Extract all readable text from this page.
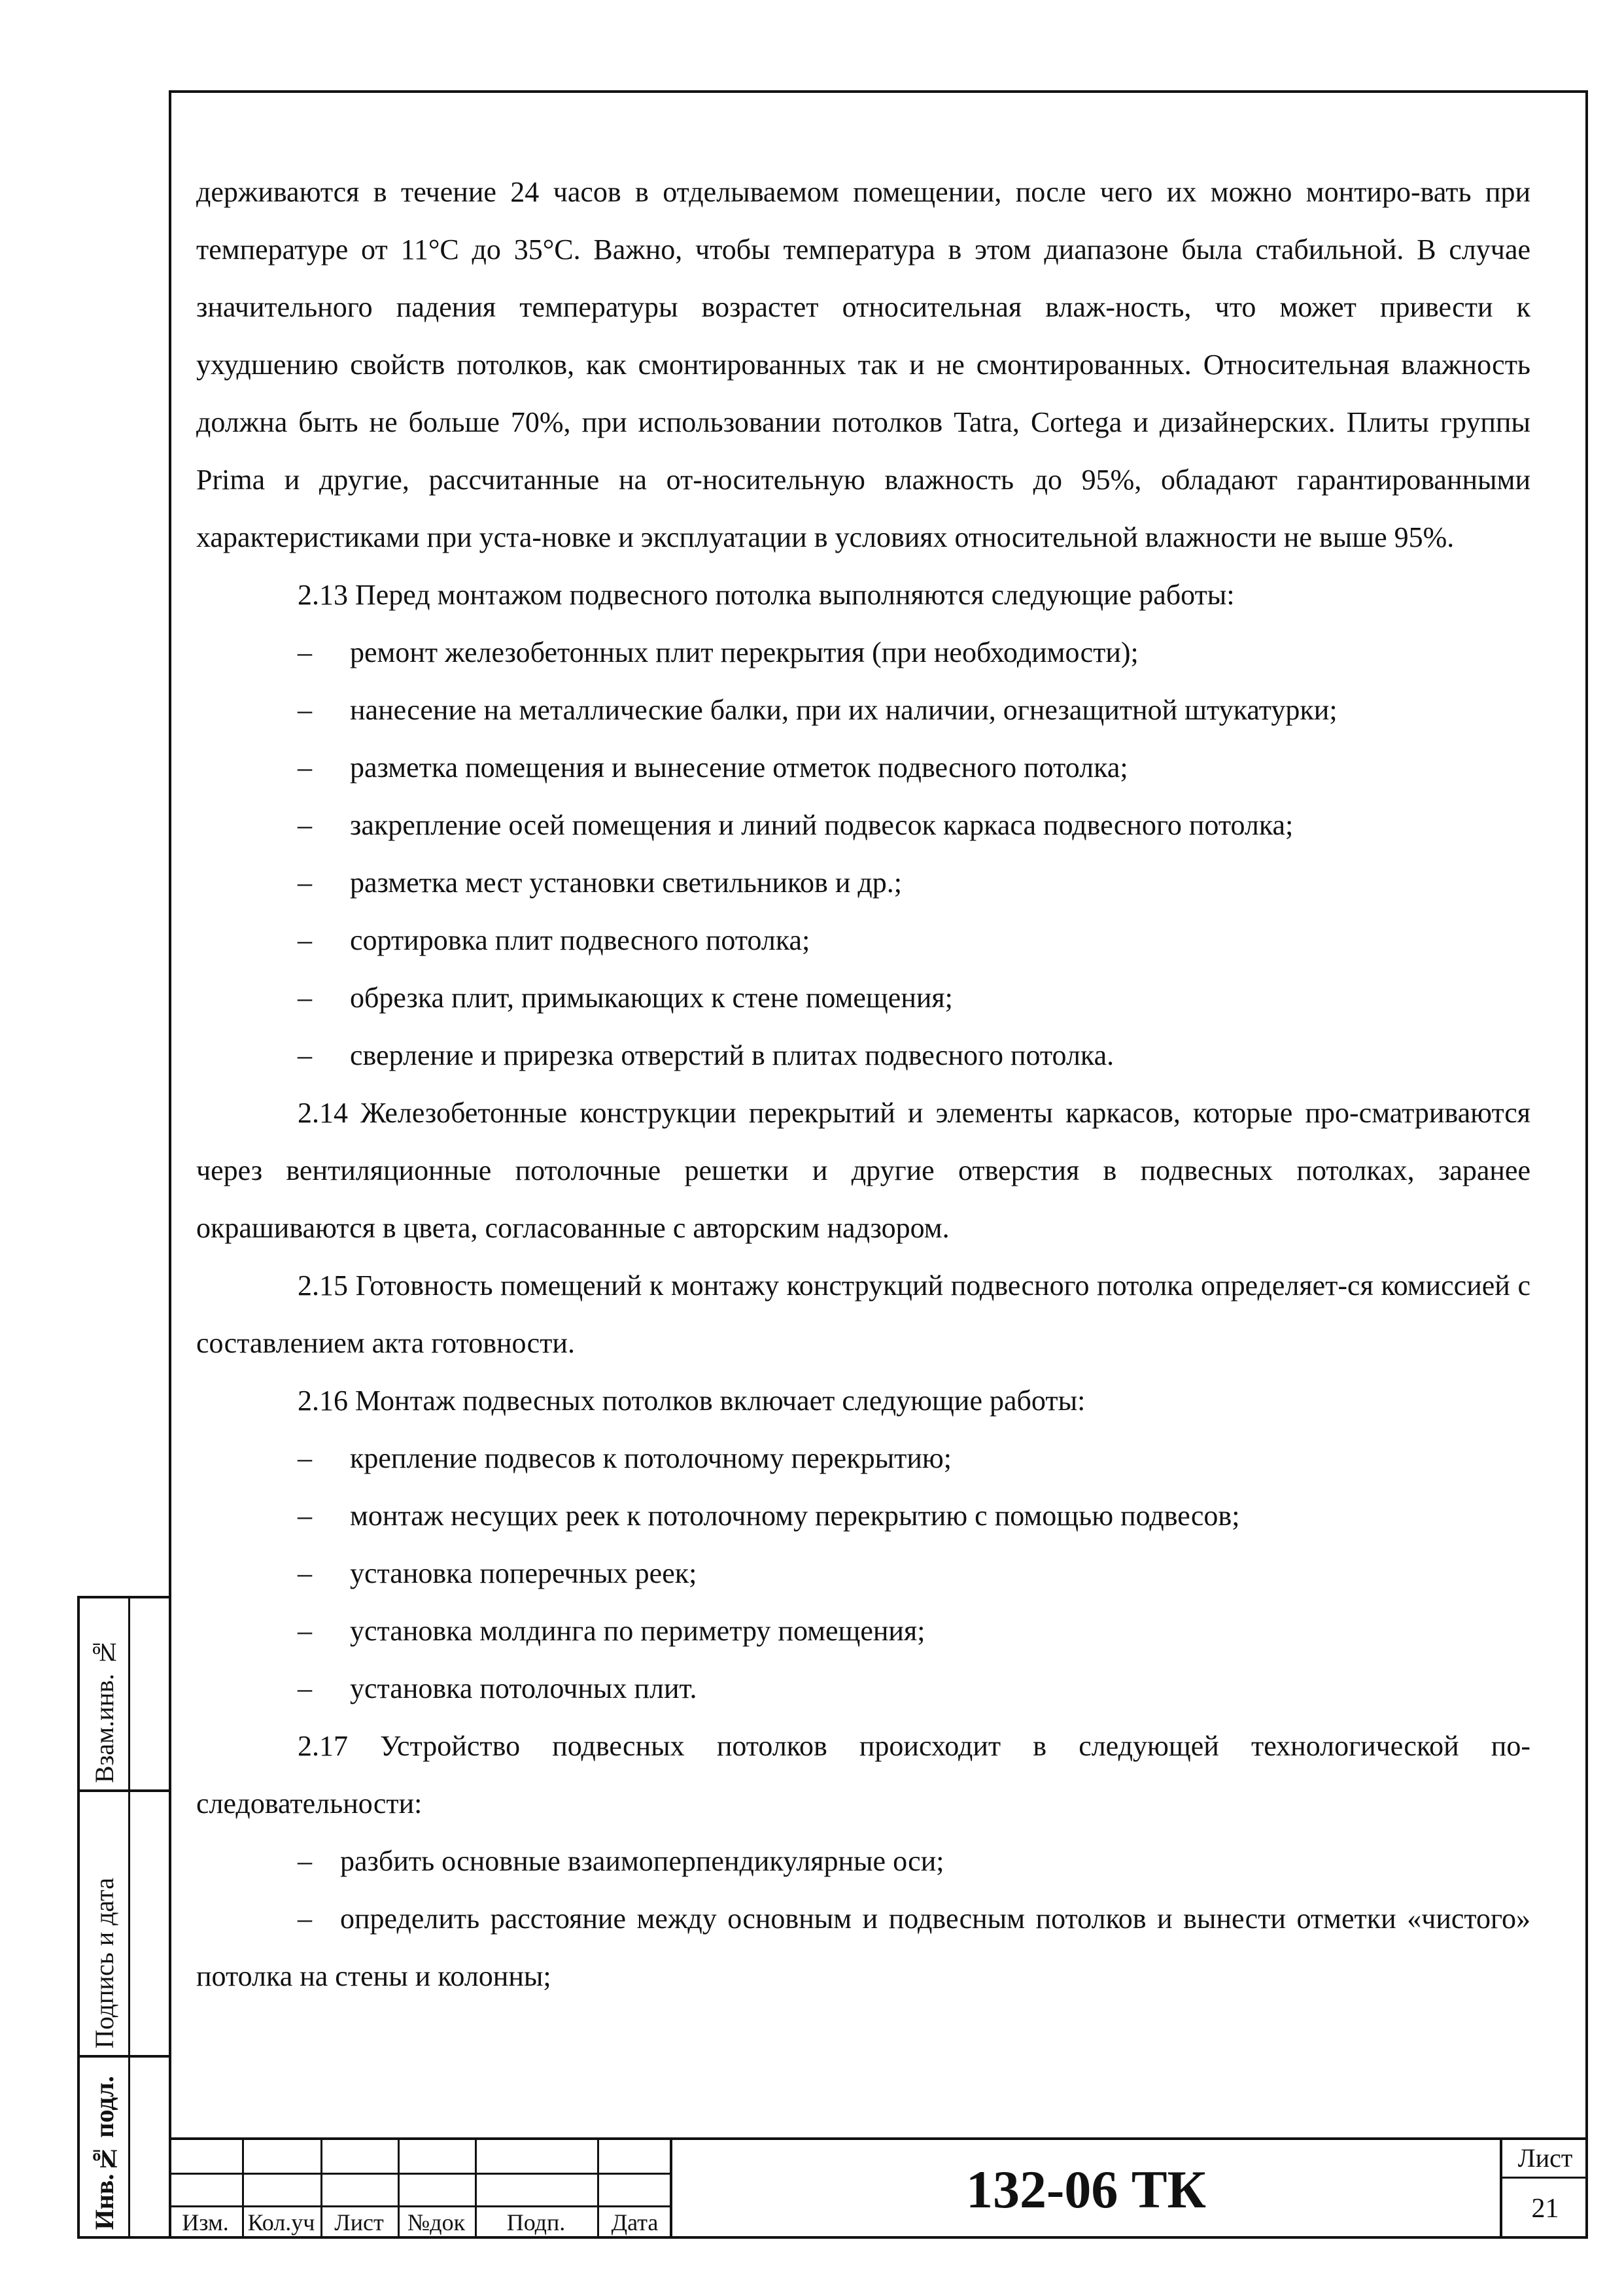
держиваются в течение 24 часов в отделываемом помещении, после чего их можно монтиро-вать при температуре от 11°С до 35°С. Важно, чтобы температура в этом диапазоне была стабильной. В случае значительного падения температуры возрастет относительная влаж-ность, что может привести к ухудшению свойств потолков, как смонтированных так и не смонтированных. Относительная влажность должна быть не больше 70%, при использовании потолков Tatra, Cortega и дизайнерских. Плиты группы Prima и другие, рассчитанные на от-носительную влажность до 95%, обладают гарантированными характеристиками при уста-новке и эксплуатации в условиях относительной влажности не выше 95%.

2.13 Перед монтажом подвесного потолка выполняются следующие работы:

– ремонт железобетонных плит перекрытия (при необходимости);

– нанесение на металлические балки, при их наличии, огнезащитной штукатурки;

– разметка помещения и вынесение отметок подвесного потолка;

– закрепление осей помещения и линий подвесок каркаса подвесного потолка;

– разметка мест установки светильников и др.;

– сортировка плит подвесного потолка;

– обрезка плит, примыкающих к стене помещения;

– сверление и прирезка отверстий в плитах подвесного потолка.

2.14 Железобетонные конструкции перекрытий и элементы каркасов, которые про-сматриваются через вентиляционные потолочные решетки и другие отверстия в подвесных потолках, заранее окрашиваются в цвета, согласованные с авторским надзором.

2.15 Готовность помещений к монтажу конструкций подвесного потолка определяет-ся комиссией с составлением акта готовности.

2.16 Монтаж подвесных потолков включает следующие работы:

– крепление подвесов к потолочному перекрытию;

– монтаж несущих реек к потолочному перекрытию с помощью подвесов;

– установка поперечных реек;

– установка молдинга по периметру помещения;

– установка потолочных плит.

2.17 Устройство подвесных потолков происходит в следующей технологической по-следовательности:

– разбить основные взаимоперпендикулярные оси;

– определить расстояние между основным и подвесным потолков и вынести отметки «чистого» потолка на стены и колонны;

Взам.инв. №
Подпись и дата
Инв.№ подл.	Изм. Кол.уч Лист	№док	Подп.	Дата
132-06 ТК
Лист
21
